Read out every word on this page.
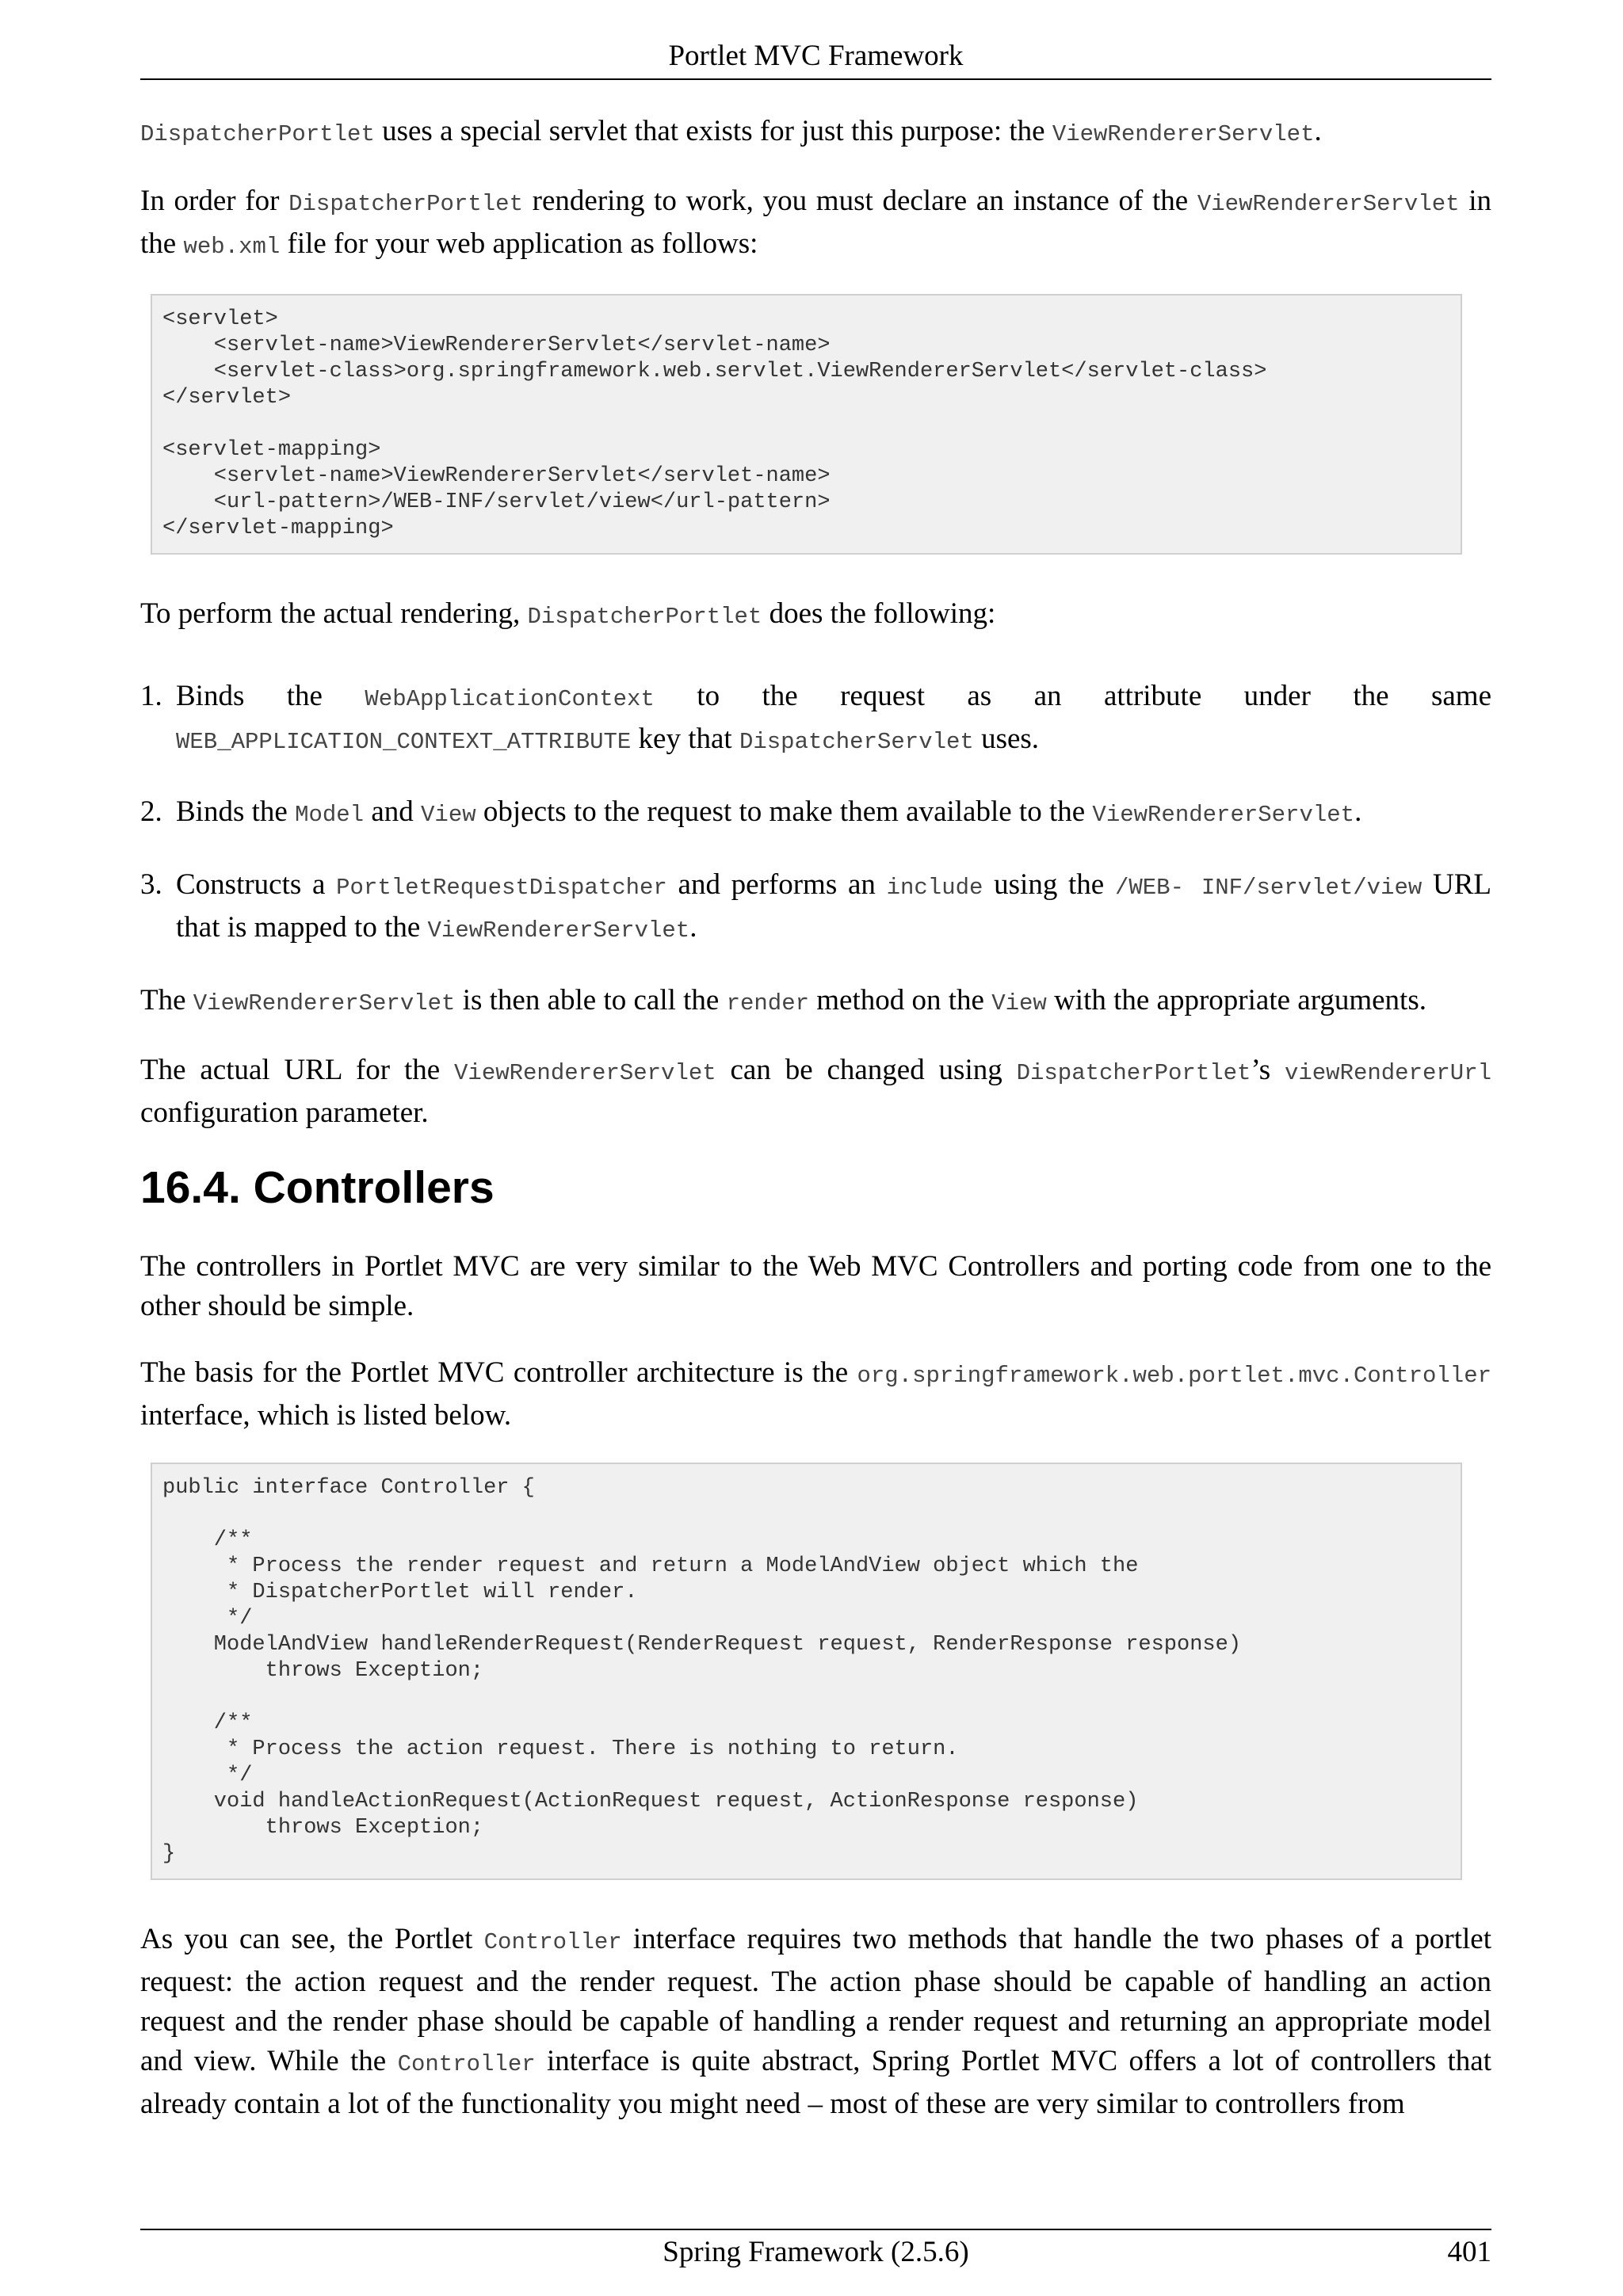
Portlet MVC Framework

DispatcherPortlet uses a special servlet that exists for just this purpose: the ViewRendererServlet.

In order for DispatcherPortlet rendering to work, you must declare an instance of the ViewRendererServlet in the web.xml file for your web application as follows:

<servlet>
<servlet-name>ViewRendererServlet</servlet-name>
<servlet-class>org.springframework.web.servlet.ViewRendererServlet</servlet-class>
</servlet>

<servlet-mapping>
<servlet-name>ViewRendererServlet</servlet-name>
<url-pattern>/WEB-INF/servlet/view</url-pattern>
</servlet-mapping>

To perform the actual rendering, DispatcherPortlet does the following:

1. Binds the WebApplicationContext to the request as an attribute under the same WEB_APPLICATION_CONTEXT_ATTRIBUTE key that DispatcherServlet uses.
2. Binds the Model and View objects to the request to make them available to the ViewRendererServlet.
3. Constructs a PortletRequestDispatcher and performs an include using the /WEB- INF/servlet/view URL that is mapped to the ViewRendererServlet.

The ViewRendererServlet is then able to call the render method on the View with the appropriate arguments.

The actual URL for the ViewRendererServlet can be changed using DispatcherPortlet’s viewRendererUrl configuration parameter.

16.4. Controllers

The controllers in Portlet MVC are very similar to the Web MVC Controllers and porting code from one to the other should be simple.

The basis for the Portlet MVC controller architecture is the org.springframework.web.portlet.mvc.Controller interface, which is listed below.

public interface Controller {

/**
* Process the render request and return a ModelAndView object which the
* DispatcherPortlet will render.
*/
ModelAndView handleRenderRequest(RenderRequest request, RenderResponse response)
throws Exception;

/**
* Process the action request. There is nothing to return.
*/
void handleActionRequest(ActionRequest request, ActionResponse response)
throws Exception;
}

As you can see, the Portlet Controller interface requires two methods that handle the two phases of a portlet request: the action request and the render request. The action phase should be capable of handling an action request and the render phase should be capable of handling a render request and returning an appropriate model and view. While the Controller interface is quite abstract, Spring Portlet MVC offers a lot of controllers that already contain a lot of the functionality you might need – most of these are very similar to controllers from

Spring Framework (2.5.6)	401
